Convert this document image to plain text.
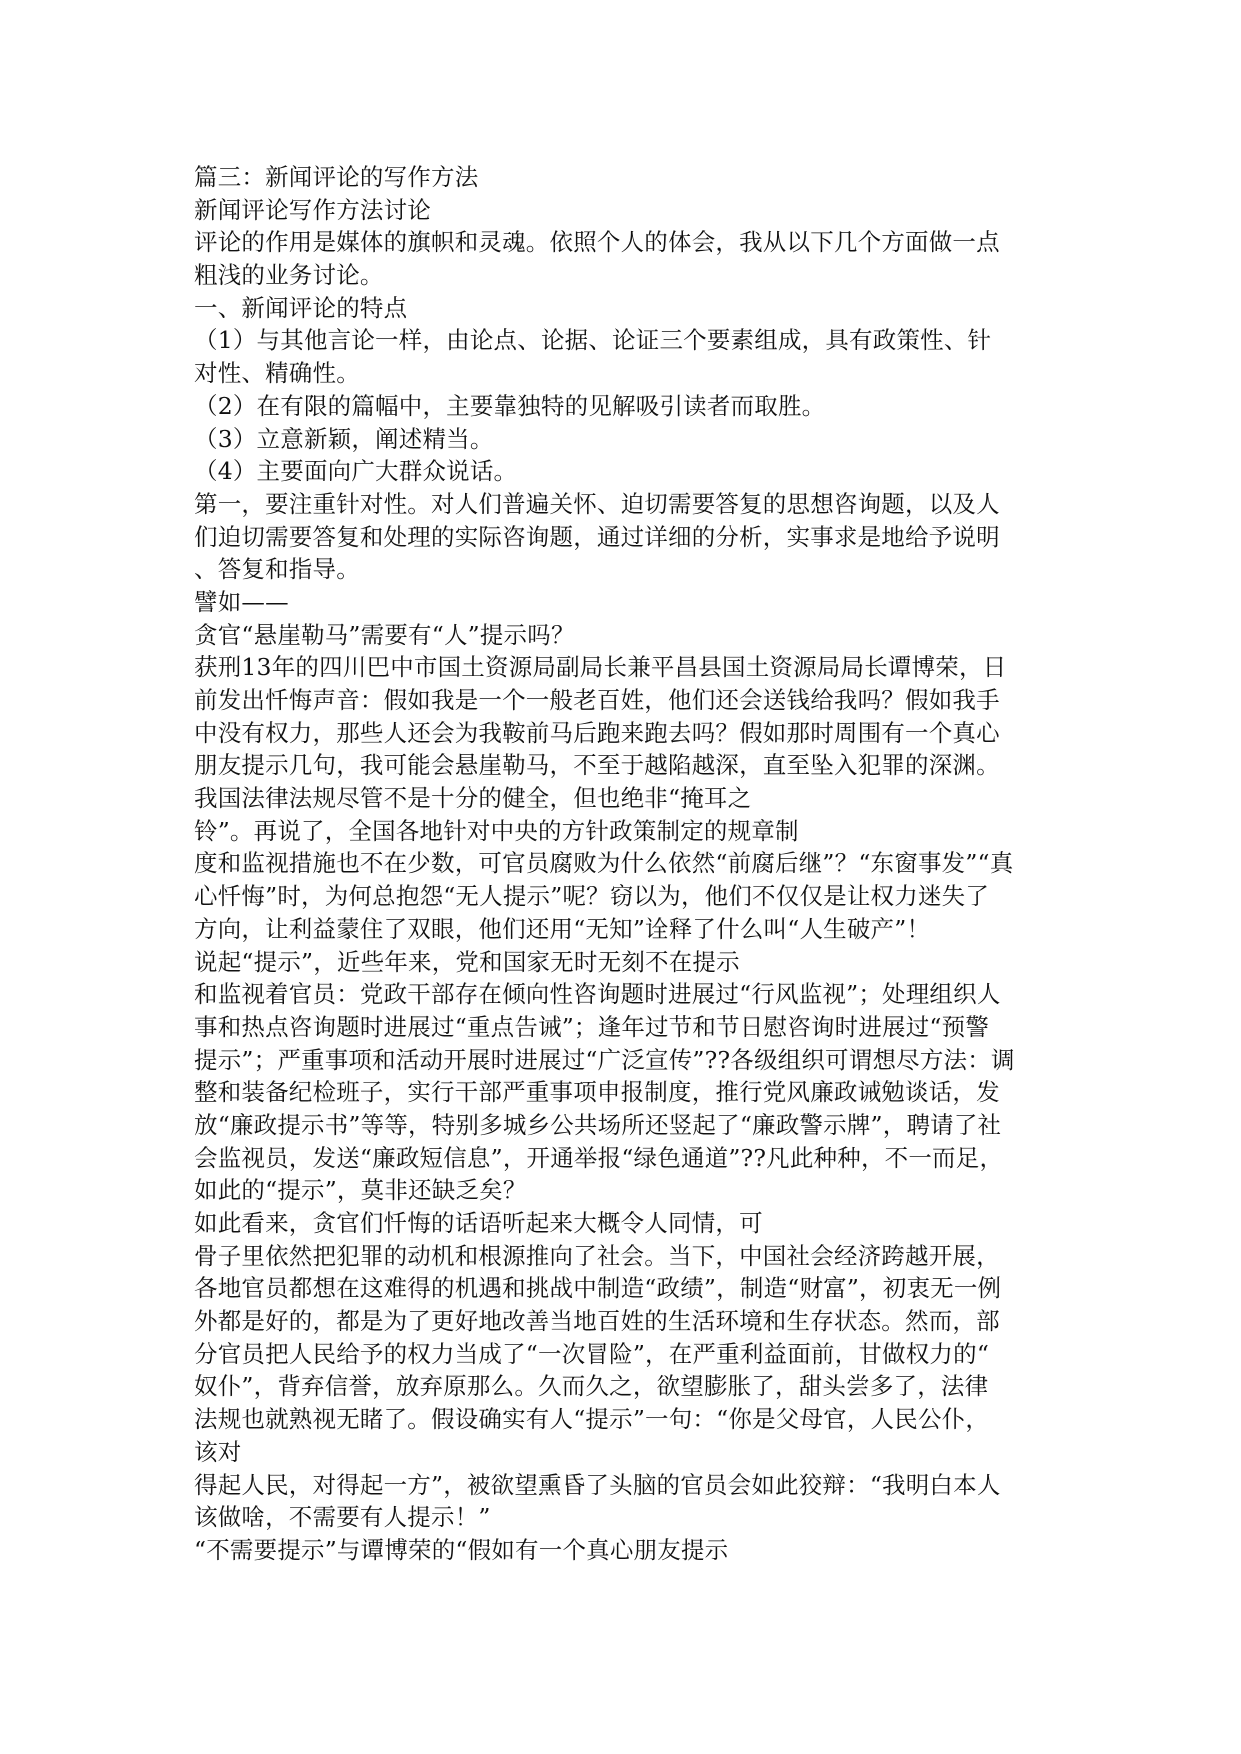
篇三：新闻评论的写作方法
新闻评论写作方法讨论
评论的作用是媒体的旗帜和灵魂。依照个人的体会，我从以下几个方面做一点
粗浅的业务讨论。
一、新闻评论的特点
（1）与其他言论一样，由论点、论据、论证三个要素组成，具有政策性、针
对性、精确性。
（2）在有限的篇幅中，主要靠独特的见解吸引读者而取胜。
（3）立意新颖，阐述精当。
（4）主要面向广大群众说话。
第一，要注重针对性。对人们普遍关怀、迫切需要答复的思想咨询题，以及人
们迫切需要答复和处理的实际咨询题，通过详细的分析，实事求是地给予说明
、答复和指导。
譬如——
贪官“悬崖勒马”需要有“人”提示吗？
获刑13年的四川巴中市国土资源局副局长兼平昌县国土资源局局长谭博荣，日
前发出忏悔声音：假如我是一个一般老百姓，他们还会送钱给我吗？假如我手
中没有权力，那些人还会为我鞍前马后跑来跑去吗？假如那时周围有一个真心
朋友提示几句，我可能会悬崖勒马，不至于越陷越深，直至坠入犯罪的深渊。
我国法律法规尽管不是十分的健全，但也绝非“掩耳之
铃”。再说了，全国各地针对中央的方针政策制定的规章制
度和监视措施也不在少数，可官员腐败为什么依然“前腐后继”？“东窗事发”“真
心忏悔”时，为何总抱怨“无人提示”呢？窃以为，他们不仅仅是让权力迷失了
方向，让利益蒙住了双眼，他们还用“无知”诠释了什么叫“人生破产”！
说起“提示”，近些年来，党和国家无时无刻不在提示
和监视着官员：党政干部存在倾向性咨询题时进展过“行风监视”；处理组织人
事和热点咨询题时进展过“重点告诫”；逢年过节和节日慰咨询时进展过“预警
提示”；严重事项和活动开展时进展过“广泛宣传”??各级组织可谓想尽方法：调
整和装备纪检班子，实行干部严重事项申报制度，推行党风廉政诫勉谈话，发
放“廉政提示书”等等，特别多城乡公共场所还竖起了“廉政警示牌”，聘请了社
会监视员，发送“廉政短信息”，开通举报“绿色通道”??凡此种种，不一而足，
如此的“提示”，莫非还缺乏矣？
如此看来，贪官们忏悔的话语听起来大概令人同情，可
骨子里依然把犯罪的动机和根源推向了社会。当下，中国社会经济跨越开展，
各地官员都想在这难得的机遇和挑战中制造“政绩”，制造“财富”，初衷无一例
外都是好的，都是为了更好地改善当地百姓的生活环境和生存状态。然而，部
分官员把人民给予的权力当成了“一次冒险”，在严重利益面前，甘做权力的“
奴仆”，背弃信誉，放弃原那么。久而久之，欲望膨胀了，甜头尝多了，法律
法规也就熟视无睹了。假设确实有人“提示”一句：“你是父母官，人民公仆，
该对
得起人民，对得起一方”，被欲望熏昏了头脑的官员会如此狡辩：“我明白本人
该做啥，不需要有人提示！”
“不需要提示”与谭博荣的“假如有一个真心朋友提示
